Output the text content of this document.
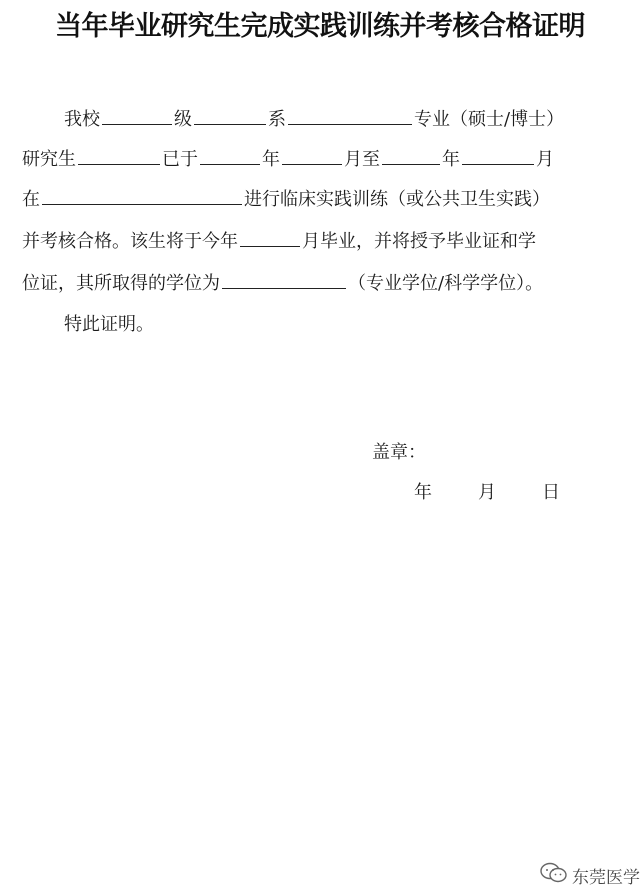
当年毕业研究生完成实践训练并考核合格证明
我校	级	系	专业（硕士/博士）
研究生	已于	年	月至	年	月
在	进行临床实践训练（或公共卫生实践）
并考核合格。该生将于今年	月毕业，并将授予毕业证和学
位证，其所取得的学位为	（专业学位/科学学位）。
特此证明。
盖章：
年	月	日
东莞医学
